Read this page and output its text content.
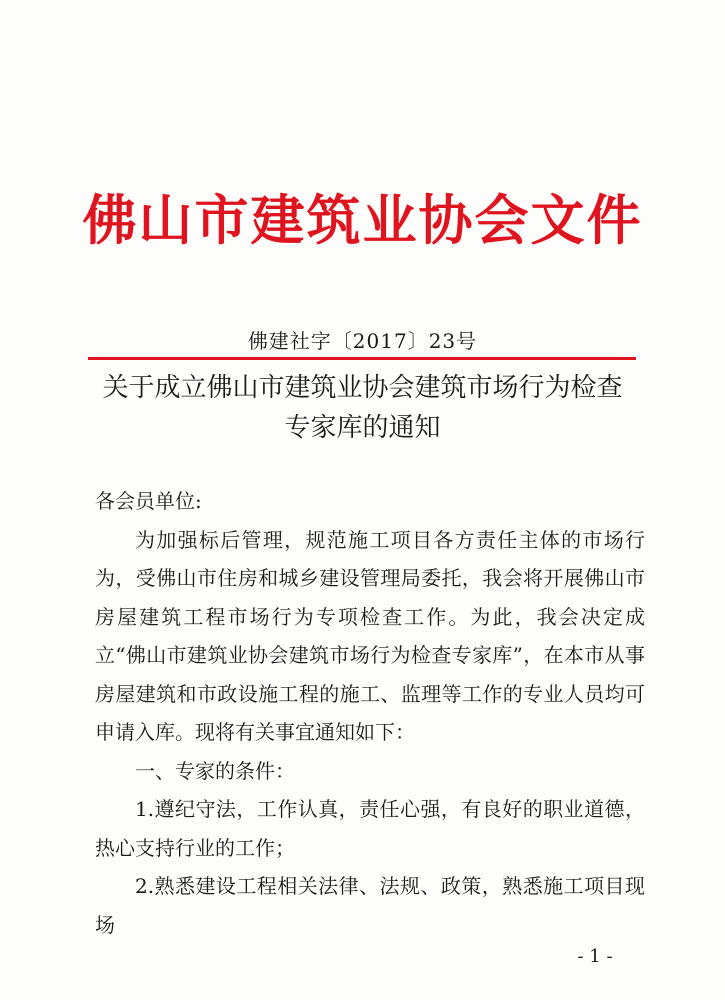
佛山市建筑业协会文件
佛建社字〔2017〕23号
关于成立佛山市建筑业协会建筑市场行为检查
专家库的通知

各会员单位:

为加强标后管理，规范施工项目各方责任主体的市场行为，受佛山市住房和城乡建设管理局委托，我会将开展佛山市房屋建筑工程市场行为专项检查工作。为此，我会决定成立“佛山市建筑业协会建筑市场行为检查专家库”，在本市从事房屋建筑和市政设施工程的施工、监理等工作的专业人员均可申请入库。现将有关事宜通知如下：

一、专家的条件：

1.遵纪守法，工作认真，责任心强，有良好的职业道德，热心支持行业的工作；

2.熟悉建设工程相关法律、法规、政策，熟悉施工项目现场

- 1 -
